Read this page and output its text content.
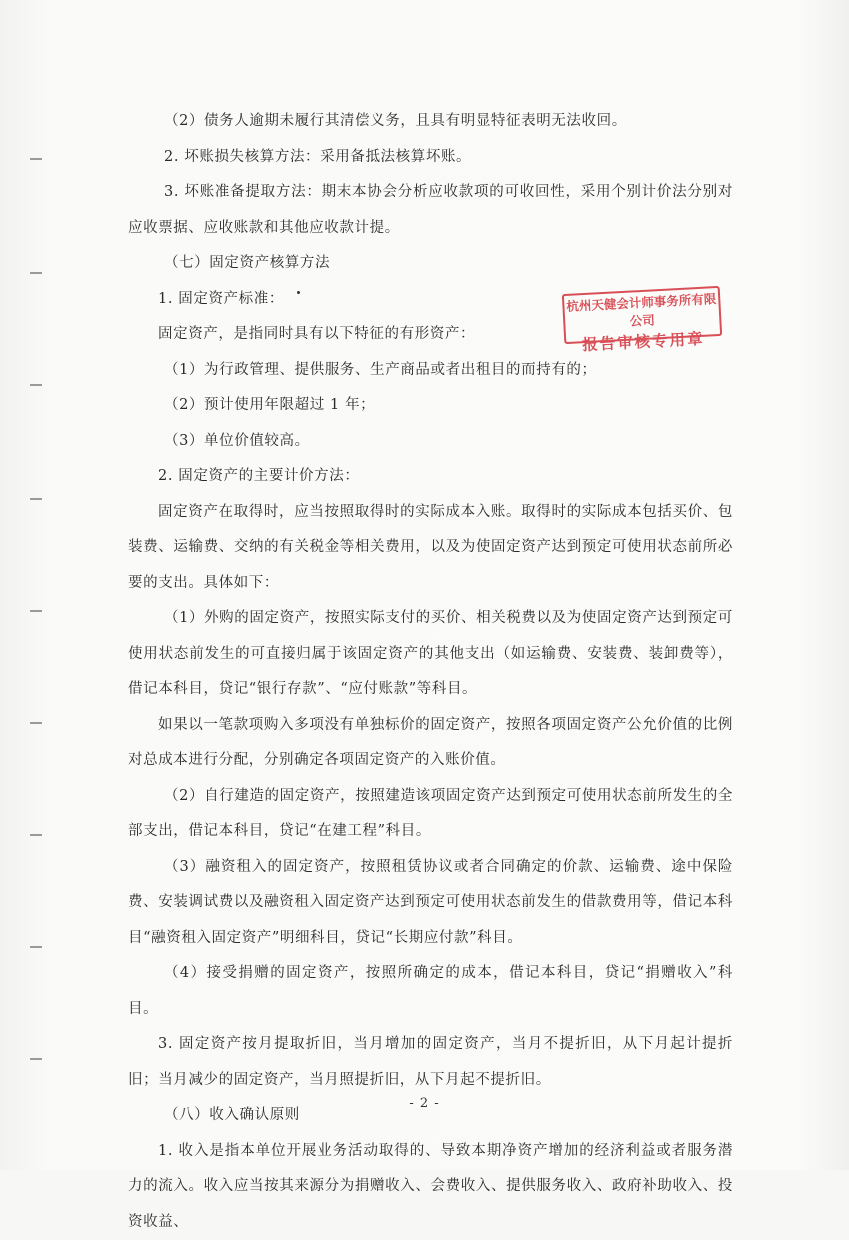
（2）债务人逾期未履行其清偿义务，且具有明显特征表明无法收回。

2. 坏账损失核算方法：采用备抵法核算坏账。

3. 坏账准备提取方法：期末本协会分析应收款项的可收回性，采用个别计价法分别对应收票据、应收账款和其他应收款计提。

（七）固定资产核算方法

1. 固定资产标准：

固定资产，是指同时具有以下特征的有形资产：

（1）为行政管理、提供服务、生产商品或者出租目的而持有的；

（2）预计使用年限超过 1 年；

（3）单位价值较高。

2. 固定资产的主要计价方法：

固定资产在取得时，应当按照取得时的实际成本入账。取得时的实际成本包括买价、包装费、运输费、交纳的有关税金等相关费用，以及为使固定资产达到预定可使用状态前所必要的支出。具体如下：

（1）外购的固定资产，按照实际支付的买价、相关税费以及为使固定资产达到预定可使用状态前发生的可直接归属于该固定资产的其他支出（如运输费、安装费、装卸费等），借记本科目，贷记“银行存款”、“应付账款”等科目。

如果以一笔款项购入多项没有单独标价的固定资产，按照各项固定资产公允价值的比例对总成本进行分配，分别确定各项固定资产的入账价值。

（2）自行建造的固定资产，按照建造该项固定资产达到预定可使用状态前所发生的全部支出，借记本科目，贷记“在建工程”科目。

（3）融资租入的固定资产，按照租赁协议或者合同确定的价款、运输费、途中保险费、安装调试费以及融资租入固定资产达到预定可使用状态前发生的借款费用等，借记本科目“融资租入固定资产”明细科目，贷记“长期应付款”科目。

（4）接受捐赠的固定资产，按照所确定的成本，借记本科目，贷记“捐赠收入”科目。

3. 固定资产按月提取折旧，当月增加的固定资产，当月不提折旧，从下月起计提折旧；当月减少的固定资产，当月照提折旧，从下月起不提折旧。

（八）收入确认原则

1. 收入是指本单位开展业务活动取得的、导致本期净资产增加的经济利益或者服务潜力的流入。收入应当按其来源分为捐赠收入、会费收入、提供服务收入、政府补助收入、投资收益、

杭州天健会计师事务所有限公司
报告审核专用章
- 2 -
